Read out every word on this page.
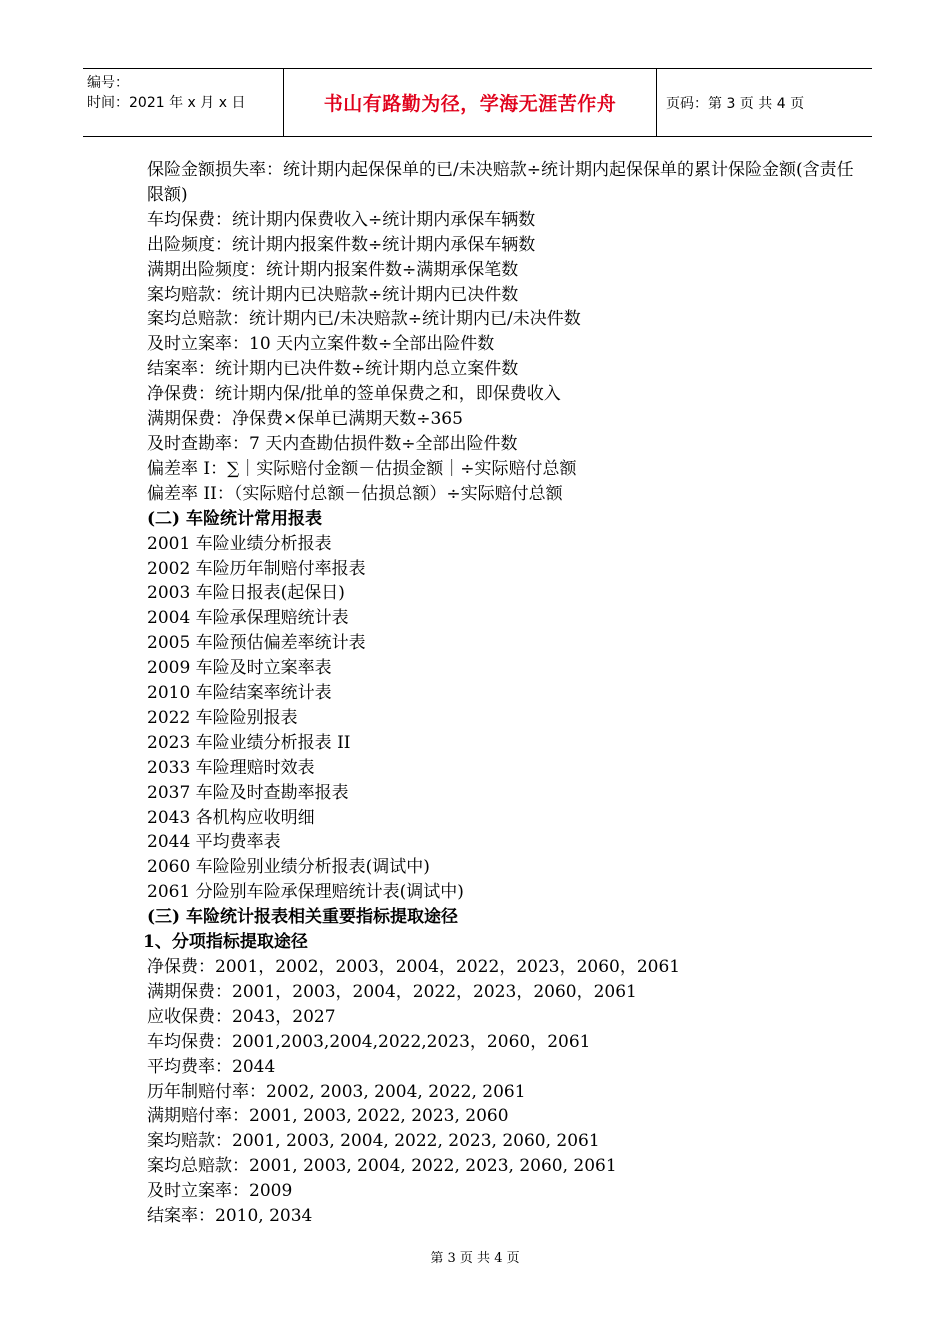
编号：
时间：2021 年 x 月 x 日	书山有路勤为径，学海无涯苦作舟	页码：第 3 页 共 4 页
保险金额损失率：统计期内起保保单的已/未决赔款÷统计期内起保保单的累计保险金额(含责任限额)
车均保费：统计期内保费收入÷统计期内承保车辆数
出险频度：统计期内报案件数÷统计期内承保车辆数
满期出险频度：统计期内报案件数÷满期承保笔数
案均赔款：统计期内已决赔款÷统计期内已决件数
案均总赔款：统计期内已/未决赔款÷统计期内已/未决件数
及时立案率：10 天内立案件数÷全部出险件数
结案率：统计期内已决件数÷统计期内总立案件数
净保费：统计期内保/批单的签单保费之和，即保费收入
满期保费：净保费×保单已满期天数÷365
及时查勘率：7 天内查勘估损件数÷全部出险件数
偏差率 I：∑｜实际赔付金额－估损金额｜÷实际赔付总额
偏差率 II：（实际赔付总额－估损总额）÷实际赔付总额
(二) 车险统计常用报表
2001 车险业绩分析报表
2002 车险历年制赔付率报表
2003 车险日报表(起保日)
2004 车险承保理赔统计表
2005 车险预估偏差率统计表
2009 车险及时立案率表
2010 车险结案率统计表
2022 车险险别报表
2023 车险业绩分析报表 II
2033 车险理赔时效表
2037 车险及时查勘率报表
2043 各机构应收明细
2044 平均费率表
2060 车险险别业绩分析报表(调试中)
2061 分险别车险承保理赔统计表(调试中)
(三) 车险统计报表相关重要指标提取途径
1、分项指标提取途径
净保费：2001，2002，2003，2004，2022，2023，2060，2061
满期保费：2001，2003，2004，2022，2023，2060，2061
应收保费：2043，2027
车均保费：2001,2003,2004,2022,2023，2060，2061
平均费率：2044
历年制赔付率：2002, 2003, 2004, 2022, 2061
满期赔付率：2001, 2003, 2022, 2023, 2060
案均赔款：2001, 2003, 2004, 2022, 2023, 2060, 2061
案均总赔款：2001, 2003, 2004, 2022, 2023, 2060, 2061
及时立案率：2009
结案率：2010, 2034
第 3 页 共 4 页
